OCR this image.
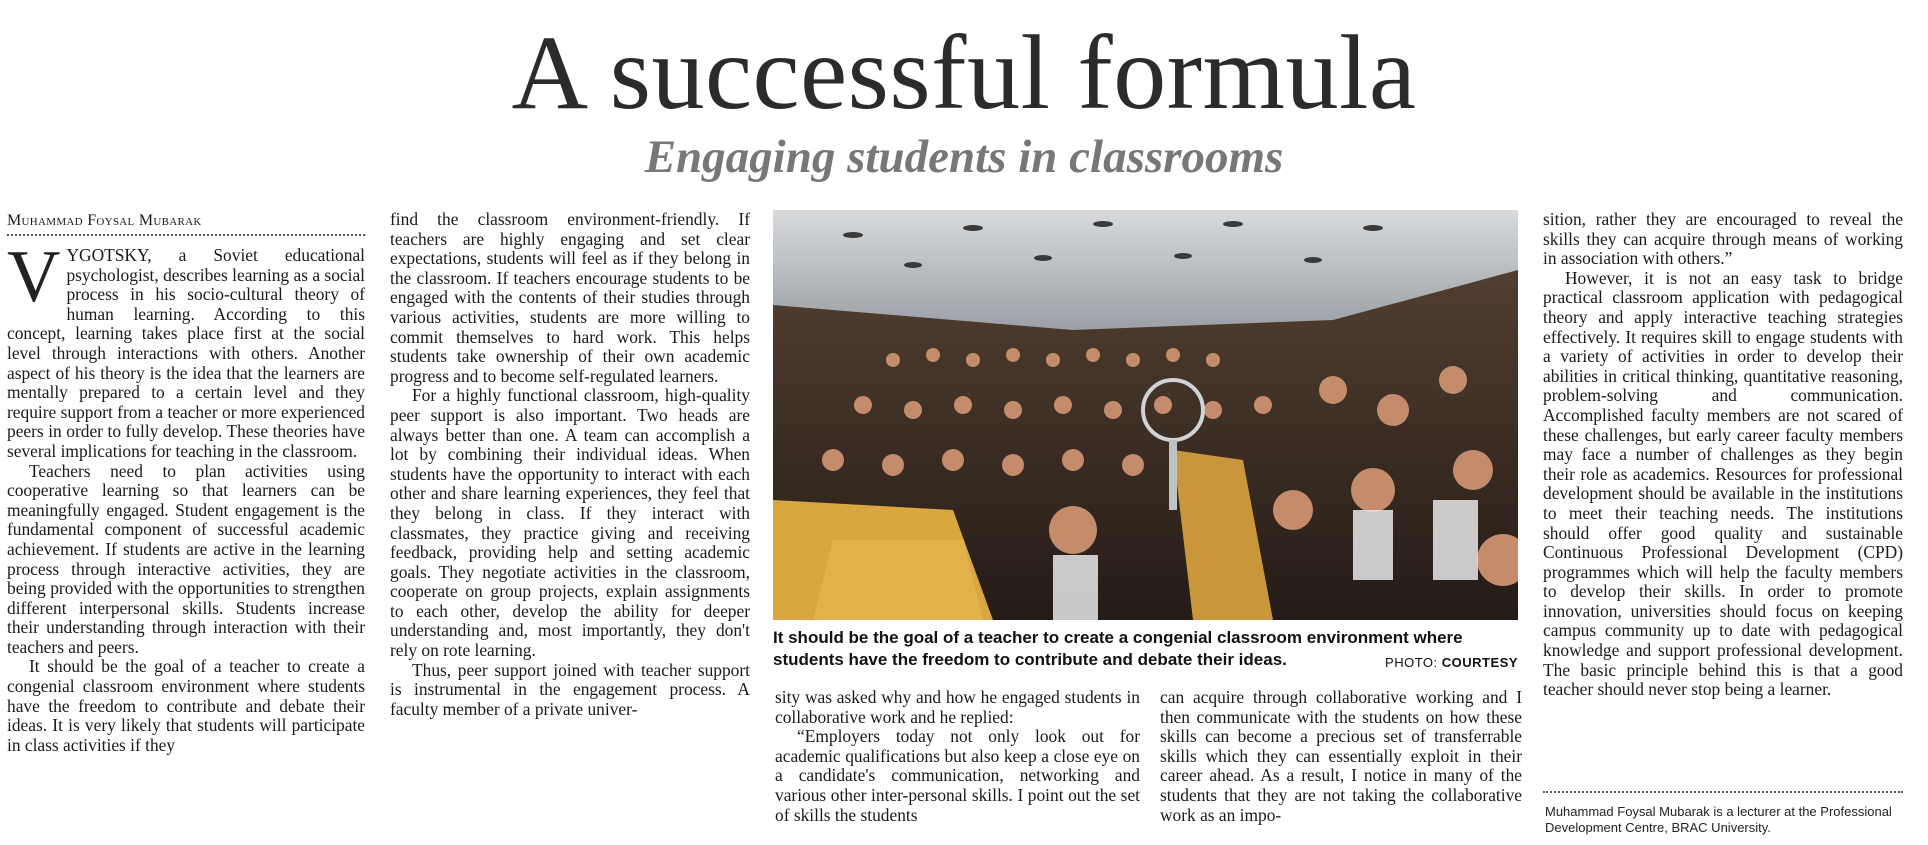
A successful formula
Engaging students in classrooms
Muhammad Foysal Mubarak

VYGOTSKY, a Soviet educational psychologist, describes learning as a social process in his socio-cultural theory of human learning. According to this concept, learning takes place first at the social level through interactions with others. Another aspect of his theory is the idea that the learners are mentally prepared to a certain level and they require support from a teacher or more experienced peers in order to fully develop. These theories have several implications for teaching in the classroom.

Teachers need to plan activities using cooperative learning so that learners can be meaningfully engaged. Student engagement is the fundamental component of successful academic achievement. If students are active in the learning process through interactive activities, they are being provided with the opportunities to strengthen different interpersonal skills. Students increase their understanding through interaction with their teachers and peers.

It should be the goal of a teacher to create a congenial classroom environment where students have the freedom to contribute and debate their ideas. It is very likely that students will participate in class activities if they

find the classroom environment-friendly. If teachers are highly engaging and set clear expectations, students will feel as if they belong in the classroom. If teachers encourage students to be engaged with the contents of their studies through various activities, students are more willing to commit themselves to hard work. This helps students take ownership of their own academic progress and to become self-regulated learners.

For a highly functional classroom, high-quality peer support is also important. Two heads are always better than one. A team can accomplish a lot by combining their individual ideas. When students have the opportunity to interact with each other and share learning experiences, they feel that they belong in class. If they interact with classmates, they practice giving and receiving feedback, providing help and setting academic goals. They negotiate activities in the classroom, cooperate on group projects, explain assignments to each other, develop the ability for deeper understanding and, most importantly, they don't rely on rote learning.

Thus, peer support joined with teacher support is instrumental in the engagement process. A faculty member of a private univer-

It should be the goal of a teacher to create a congenial classroom environment where students have the freedom to contribute and debate their ideas.	PHOTO: COURTESY

sity was asked why and how he engaged students in collaborative work and he replied:

“Employers today not only look out for academic qualifications but also keep a close eye on a candidate's communication, networking and various other inter-personal skills. I point out the set of skills the students

can acquire through collaborative working and I then communicate with the students on how these skills can become a precious set of transferrable skills which they can essentially exploit in their career ahead. As a result, I notice in many of the students that they are not taking the collaborative work as an impo-

sition, rather they are encouraged to reveal the skills they can acquire through means of working in association with others.”

However, it is not an easy task to bridge practical classroom application with pedagogical theory and apply interactive teaching strategies effectively. It requires skill to engage students with a variety of activities in order to develop their abilities in critical thinking, quantitative reasoning, problem-solving and communication. Accomplished faculty members are not scared of these challenges, but early career faculty members may face a number of challenges as they begin their role as academics. Resources for professional development should be available in the institutions to meet their teaching needs. The institutions should offer good quality and sustainable Continuous Professional Development (CPD) programmes which will help the faculty members to develop their skills. In order to promote innovation, universities should focus on keeping campus community up to date with pedagogical knowledge and support professional development. The basic principle behind this is that a good teacher should never stop being a learner.

Muhammad Foysal Mubarak is a lecturer at the Professional Development Centre, BRAC University.
